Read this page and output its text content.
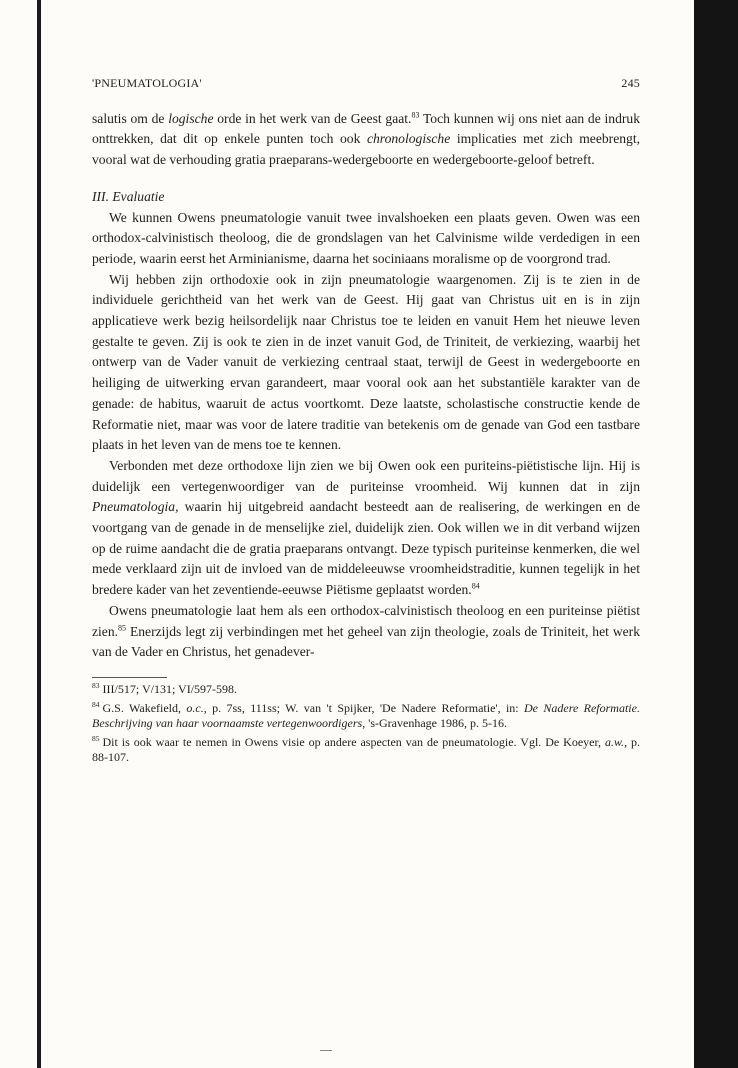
'PNEUMATOLOGIA'	245

salutis om de logische orde in het werk van de Geest gaat.$^{83}$ Toch kunnen wij ons niet aan de indruk onttrekken, dat dit op enkele punten toch ook chronologische implicaties met zich meebrengt, vooral wat de verhouding gratia praeparans-wedergeboorte en wedergeboorte-geloof betreft.

III. Evaluatie

We kunnen Owens pneumatologie vanuit twee invalshoeken een plaats geven. Owen was een orthodox-calvinistisch theoloog, die de grondslagen van het Calvinisme wilde verdedigen in een periode, waarin eerst het Arminianisme, daarna het sociniaans moralisme op de voorgrond trad.

Wij hebben zijn orthodoxie ook in zijn pneumatologie waargenomen. Zij is te zien in de individuele gerichtheid van het werk van de Geest. Hij gaat van Christus uit en is in zijn applicatieve werk bezig heilsordelijk naar Christus toe te leiden en vanuit Hem het nieuwe leven gestalte te geven. Zij is ook te zien in de inzet vanuit God, de Triniteit, de verkiezing, waarbij het ontwerp van de Vader vanuit de verkiezing centraal staat, terwijl de Geest in wedergeboorte en heiliging de uitwerking ervan garandeert, maar vooral ook aan het substantiële karakter van de genade: de habitus, waaruit de actus voortkomt. Deze laatste, scholastische constructie kende de Reformatie niet, maar was voor de latere traditie van betekenis om de genade van God een tastbare plaats in het leven van de mens toe te kennen.

Verbonden met deze orthodoxe lijn zien we bij Owen ook een puriteins-piëtistische lijn. Hij is duidelijk een vertegenwoordiger van de puriteinse vroomheid. Wij kunnen dat in zijn Pneumatologia, waarin hij uitgebreid aandacht besteedt aan de realisering, de werkingen en de voortgang van de genade in de menselijke ziel, duidelijk zien. Ook willen we in dit verband wijzen op de ruime aandacht die de gratia praeparans ontvangt. Deze typisch puriteinse kenmerken, die wel mede verklaard zijn uit de invloed van de middeleeuwse vroomheidstraditie, kunnen tegelijk in het bredere kader van het zeventiende-eeuwse Piëtisme geplaatst worden.$^{84}$

Owens pneumatologie laat hem als een orthodox-calvinistisch theoloog en een puriteinse piëtist zien.$^{85}$ Enerzijds legt zij verbindingen met het geheel van zijn theologie, zoals de Triniteit, het werk van de Vader en Christus, het genadever-

$^{83}$ III/517; V/131; VI/597-598.
$^{84}$ G.S. Wakefield, o.c., p. 7ss, 111ss; W. van 't Spijker, 'De Nadere Reformatie', in: De Nadere Reformatie. Beschrijving van haar voornaamste vertegenwoordigers, 's-Gravenhage 1986, p. 5-16.
$^{85}$ Dit is ook waar te nemen in Owens visie op andere aspecten van de pneumatologie. Vgl. De Koeyer, a.w., p. 88-107.
